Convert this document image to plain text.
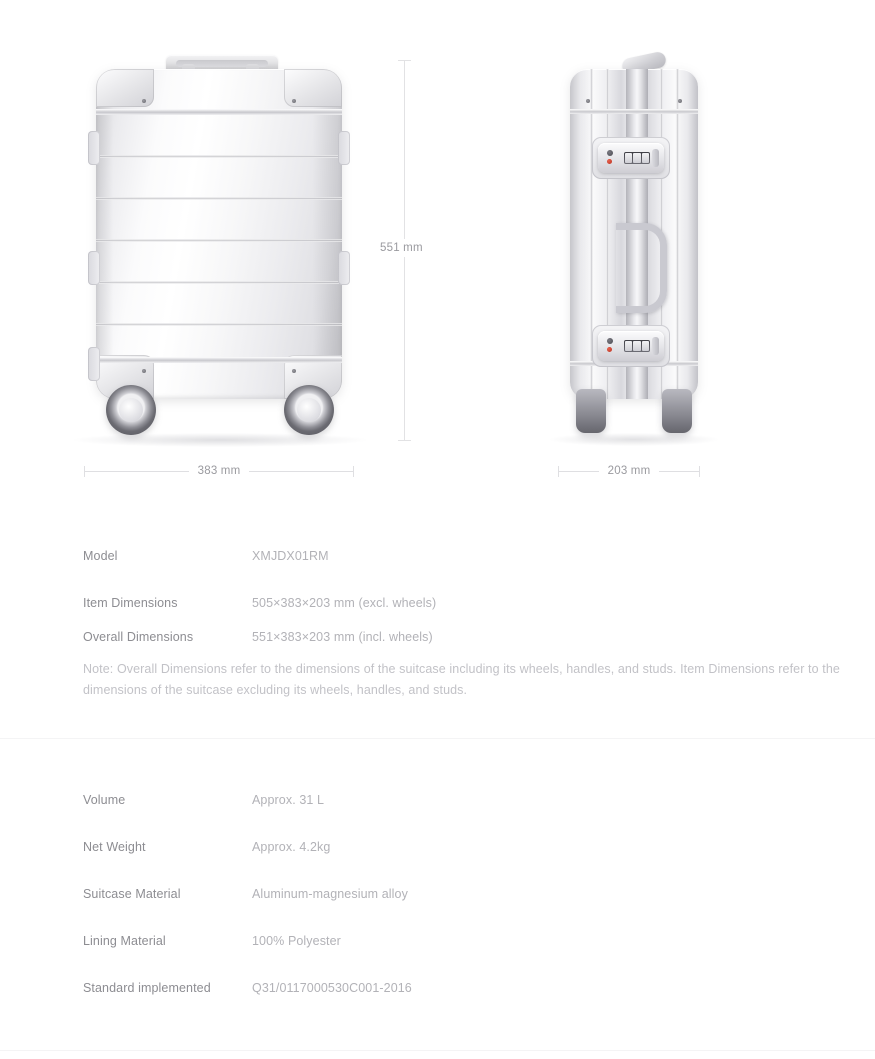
551 mm
383 mm	203 mm
Model	XMJDX01RM
Item Dimensions	505×383×203 mm (excl. wheels)
Overall Dimensions	551×383×203 mm (incl. wheels)
Note: Overall Dimensions refer to the dimensions of the suitcase including its wheels, handles, and studs. Item Dimensions refer to the dimensions of the suitcase excluding its wheels, handles, and studs.
Volume	Approx. 31 L
Net Weight	Approx. 4.2kg
Suitcase Material	Aluminum-magnesium alloy
Lining Material	100% Polyester
Standard implemented	Q31/0117000530C001-2016
